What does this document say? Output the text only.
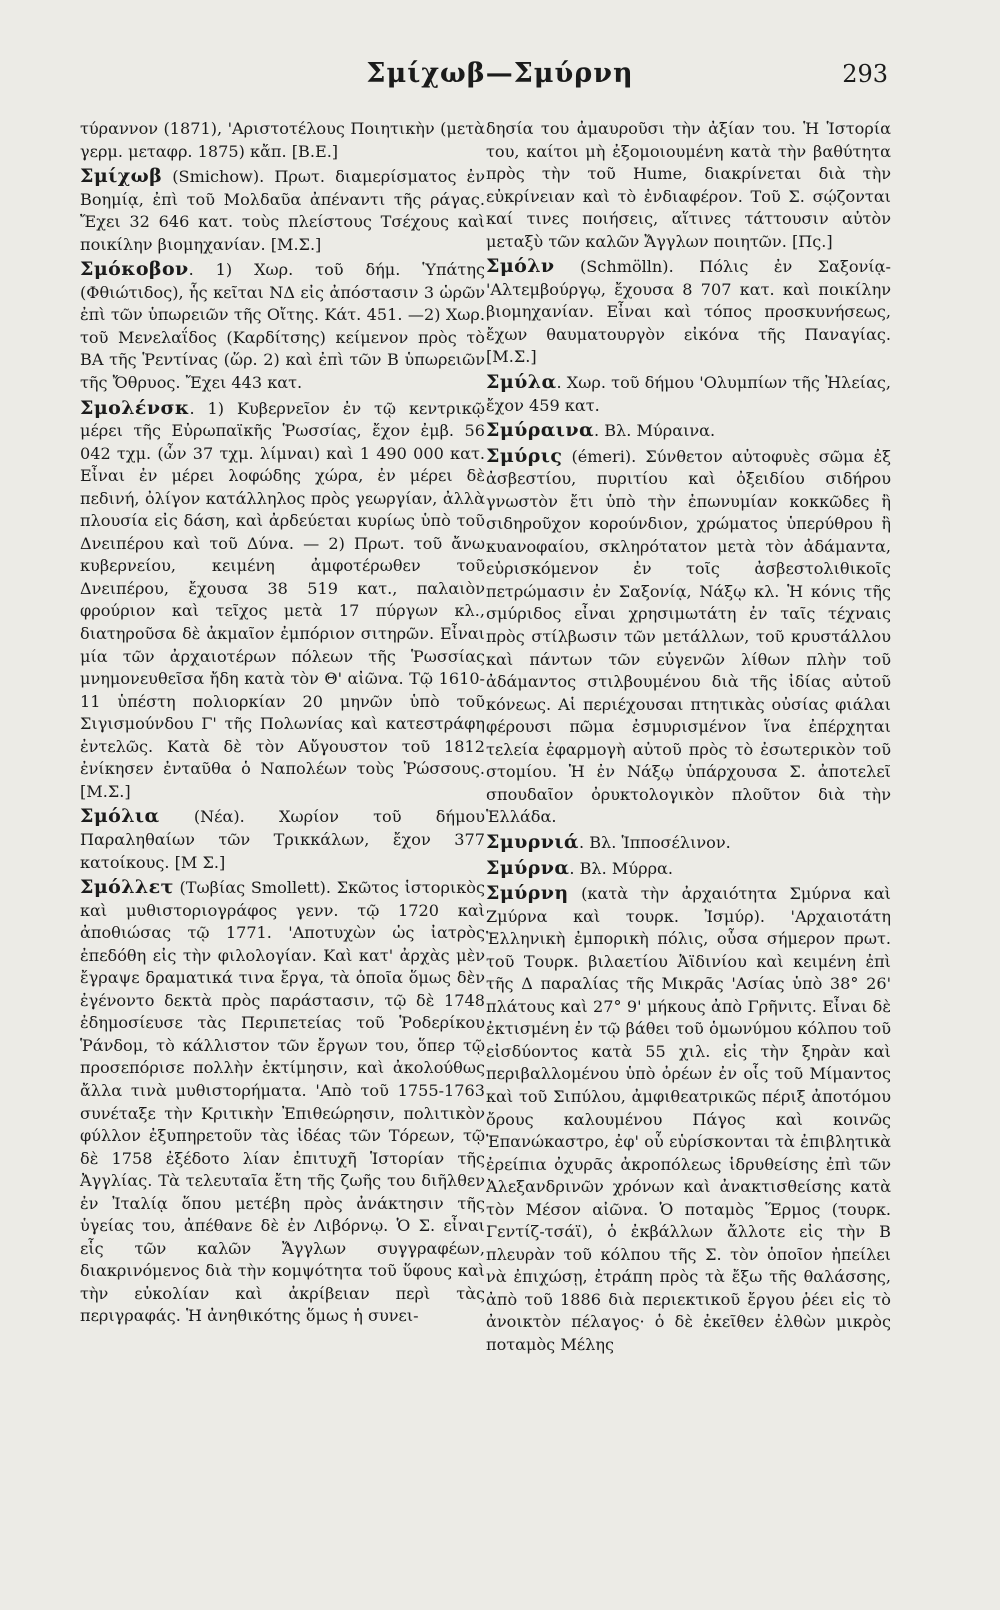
Σμίχωβ—Σμύρνη	293

τύραννον (1871), 'Αριστοτέλους Ποιητικὴν (μετὰ γερμ. μεταφρ. 1875) κἄπ. [Β.Ε.]

Σμίχωβ (Smichow). Πρωτ. διαμερίσματος ἐν Βοημίᾳ, ἐπὶ τοῦ Μολδαῦα ἀπέναντι τῆς ράγας. Ἔχει 32 646 κατ. τοὺς πλείστους Τσέχους καὶ ποικίλην βιομηχανίαν. [Μ.Σ.]

Σμόκοβον. 1) Χωρ. τοῦ δήμ. Ὑπάτης (Φθιώτιδος), ἧς κεῖται ΝΔ εἰς ἀπόστασιν 3 ὡρῶν ἐπὶ τῶν ὑπωρειῶν τῆς Οἴτης. Κάτ. 451. —2) Χωρ. τοῦ Μενελαΐδος (Καρδίτσης) κείμενον πρὸς τὸ ΒΑ τῆς Ῥεντίνας (ὥρ. 2) καὶ ἐπὶ τῶν Β ὑπωρειῶν τῆς Ὄθρυος. Ἔχει 443 κατ.

Σμολένσκ. 1) Κυβερνεῖον ἐν τῷ κεντρικῷ μέρει τῆς Εὐρωπαϊκῆς Ῥωσσίας, ἔχον ἐμβ. 56 042 τχμ. (ὧν 37 τχμ. λίμναι) καὶ 1 490 000 κατ. Εἶναι ἐν μέρει λοφώδης χώρα, ἐν μέρει δὲ πεδινή, ὀλίγον κατάλληλος πρὸς γεωργίαν, ἀλλὰ πλουσία εἰς δάση, καὶ ἀρδεύεται κυρίως ὑπὸ τοῦ Δνειπέρου καὶ τοῦ Δύνα. — 2) Πρωτ. τοῦ ἄνω κυβερνείου, κειμένη ἀμφοτέρωθεν τοῦ Δνειπέρου, ἔχουσα 38 519 κατ., παλαιὸν φρούριον καὶ τεῖχος μετὰ 17 πύργων κλ., διατηροῦσα δὲ ἀκμαῖον ἐμπόριον σιτηρῶν. Εἶναι μία τῶν ἀρχαιοτέρων πόλεων τῆς Ῥωσσίας μνημονευθεῖσα ἤδη κατὰ τὸν Θ' αἰῶνα. Τῷ 1610-11 ὑπέστη πολιορκίαν 20 μηνῶν ὑπὸ τοῦ Σιγισμούνδου Γ' τῆς Πολωνίας καὶ κατεστράφη ἐντελῶς. Κατὰ δὲ τὸν Αὔγουστον τοῦ 1812 ἐνίκησεν ἐνταῦθα ὁ Ναπολέων τοὺς Ῥώσσους. [Μ.Σ.]

Σμόλια (Νέα). Χωρίον τοῦ δήμου Παραληθαίων τῶν Τρικκάλων, ἔχον 377 κατοίκους. [Μ Σ.]

Σμόλλετ (Τωβίας Smollett). Σκῶτος ἱστορικὸς καὶ μυθιστοριογράφος γενν. τῷ 1720 καὶ ἀποθιώσας τῷ 1771. 'Αποτυχὼν ὡς ἰατρὸς ἐπεδόθη εἰς τὴν φιλολογίαν. Καὶ κατ' ἀρχὰς μὲν ἔγραψε δραματικά τινα ἔργα, τὰ ὁποῖα ὅμως δὲν ἐγένοντο δεκτὰ πρὸς παράστασιν, τῷ δὲ 1748 ἐδημοσίευσε τὰς Περιπετείας τοῦ Ῥοδερίκου Ῥάνδομ, τὸ κάλλιστον τῶν ἔργων του, ὅπερ τῷ προσεπόρισε πολλὴν ἐκτίμησιν, καὶ ἀκολούθως ἄλλα τινὰ μυθιστορήματα. 'Απὸ τοῦ 1755-1763 συνέταξε τὴν Κριτικὴν Ἐπιθεώρησιν, πολιτικὸν φύλλον ἐξυπηρετοῦν τὰς ἰδέας τῶν Τόρεων, τῷ δὲ 1758 ἐξέδοτο λίαν ἐπιτυχῆ Ἱστορίαν τῆς Ἀγγλίας. Τὰ τελευταῖα ἔτη τῆς ζωῆς του διῆλθεν ἐν Ἰταλίᾳ ὅπου μετέβη πρὸς ἀνάκτησιν τῆς ὑγείας του, ἀπέθανε δὲ ἐν Λιβόρνῳ. Ὁ Σ. εἶναι εἷς τῶν καλῶν Ἄγγλων συγγραφέων, διακρινόμενος διὰ τὴν κομψότητα τοῦ ὕφους καὶ τὴν εὐκολίαν καὶ ἀκρίβειαν περὶ τὰς περιγραφάς. Ἡ ἀνηθικότης ὅμως ἡ συνει-

δησία του ἀμαυροῦσι τὴν ἀξίαν του. Ἡ Ἱστορία του, καίτοι μὴ ἐξομοιουμένη κατὰ τὴν βαθύτητα πρὸς τὴν τοῦ Hume, διακρίνεται διὰ τὴν εὐκρίνειαν καὶ τὸ ἐνδιαφέρον. Τοῦ Σ. σῴζονται καί τινες ποιήσεις, αἵτινες τάττουσιν αὐτὸν μεταξὺ τῶν καλῶν Ἄγγλων ποιητῶν. [Πς.]

Σμόλν (Schmölln). Πόλις ἐν Σαξονίᾳ-'Αλτεμβούργῳ, ἔχουσα 8 707 κατ. καὶ ποικίλην βιομηχανίαν. Εἶναι καὶ τόπος προσκυνήσεως, ἔχων θαυματουργὸν εἰκόνα τῆς Παναγίας. [Μ.Σ.]

Σμύλα. Χωρ. τοῦ δήμου 'Ολυμπίων τῆς Ἠλείας, ἔχον 459 κατ.

Σμύραινα. Βλ. Μύραινα.

Σμύρις (émeri). Σύνθετον αὐτοφυὲς σῶμα ἐξ ἀσβεστίου, πυριτίου καὶ ὀξειδίου σιδήρου γνωστὸν ἔτι ὑπὸ τὴν ἐπωνυμίαν κοκκῶδες ἢ σιδηροῦχον κορούνδιον, χρώματος ὑπερύθρου ἢ κυανοφαίου, σκληρότατον μετὰ τὸν ἀδάμαντα, εὑρισκόμενον ἐν τοῖς ἀσβεστολιθικοῖς πετρώμασιν ἐν Σαξονίᾳ, Νάξῳ κλ. Ἡ κόνις τῆς σμύριδος εἶναι χρησιμωτάτη ἐν ταῖς τέχναις πρὸς στίλβωσιν τῶν μετάλλων, τοῦ κρυστάλλου καὶ πάντων τῶν εὐγενῶν λίθων πλὴν τοῦ ἀδάμαντος στιλβουμένου διὰ τῆς ἰδίας αὐτοῦ κόνεως. Αἱ περιέχουσαι πτητικὰς οὐσίας φιάλαι φέρουσι πῶμα ἐσμυρισμένον ἵνα ἐπέρχηται τελεία ἐφαρμογὴ αὐτοῦ πρὸς τὸ ἐσωτερικὸν τοῦ στομίου. Ἡ ἐν Νάξῳ ὑπάρχουσα Σ. ἀποτελεῖ σπουδαῖον ὀρυκτολογικὸν πλοῦτον διὰ τὴν Ἑλλάδα.

Σμυρνιά. Βλ. Ἱπποσέλινον.

Σμύρνα. Βλ. Μύρρα.

Σμύρνη (κατὰ τὴν ἀρχαιότητα Σμύρνα καὶ Ζμύρνα καὶ τουρκ. Ἰσμύρ). 'Αρχαιοτάτη Ἑλληνικὴ ἐμπορικὴ πόλις, οὖσα σήμερον πρωτ. τοῦ Τουρκ. βιλαετίου Ἀϊδινίου καὶ κειμένη ἐπὶ τῆς Δ παραλίας τῆς Μικρᾶς 'Ασίας ὑπὸ 38° 26' πλάτους καὶ 27° 9' μήκους ἀπὸ Γρῆνιτς. Εἶναι δὲ ἐκτισμένη ἐν τῷ βάθει τοῦ ὁμωνύμου κόλπου τοῦ εἰσδύοντος κατὰ 55 χιλ. εἰς τὴν ξηρὰν καὶ περιβαλλομένου ὑπὸ ὀρέων ἐν οἷς τοῦ Μίμαντος καὶ τοῦ Σιπύλου, ἀμφιθεατρικῶς πέριξ ἀποτόμου ὄρους καλουμένου Πάγος καὶ κοινῶς Ἐπανώκαστρο, ἐφ' οὗ εὑρίσκονται τὰ ἐπιβλητικὰ ἐρείπια ὀχυρᾶς ἀκροπόλεως ἱδρυθείσης ἐπὶ τῶν Ἀλεξανδρινῶν χρόνων καὶ ἀνακτισθείσης κατὰ τὸν Μέσον αἰῶνα. Ὁ ποταμὸς Ἕρμος (τουρκ. Γεντίζ-τσάϊ), ὁ ἐκβάλλων ἄλλοτε εἰς τὴν Β πλευρὰν τοῦ κόλπου τῆς Σ. τὸν ὁποῖον ἠπείλει νὰ ἐπιχώσῃ, ἐτράπη πρὸς τὰ ἔξω τῆς θαλάσσης, ἀπὸ τοῦ 1886 διὰ περιεκτικοῦ ἔργου ῥέει εἰς τὸ ἀνοικτὸν πέλαγος· ὁ δὲ ἐκεῖθεν ἐλθὼν μικρὸς ποταμὸς Μέλης
